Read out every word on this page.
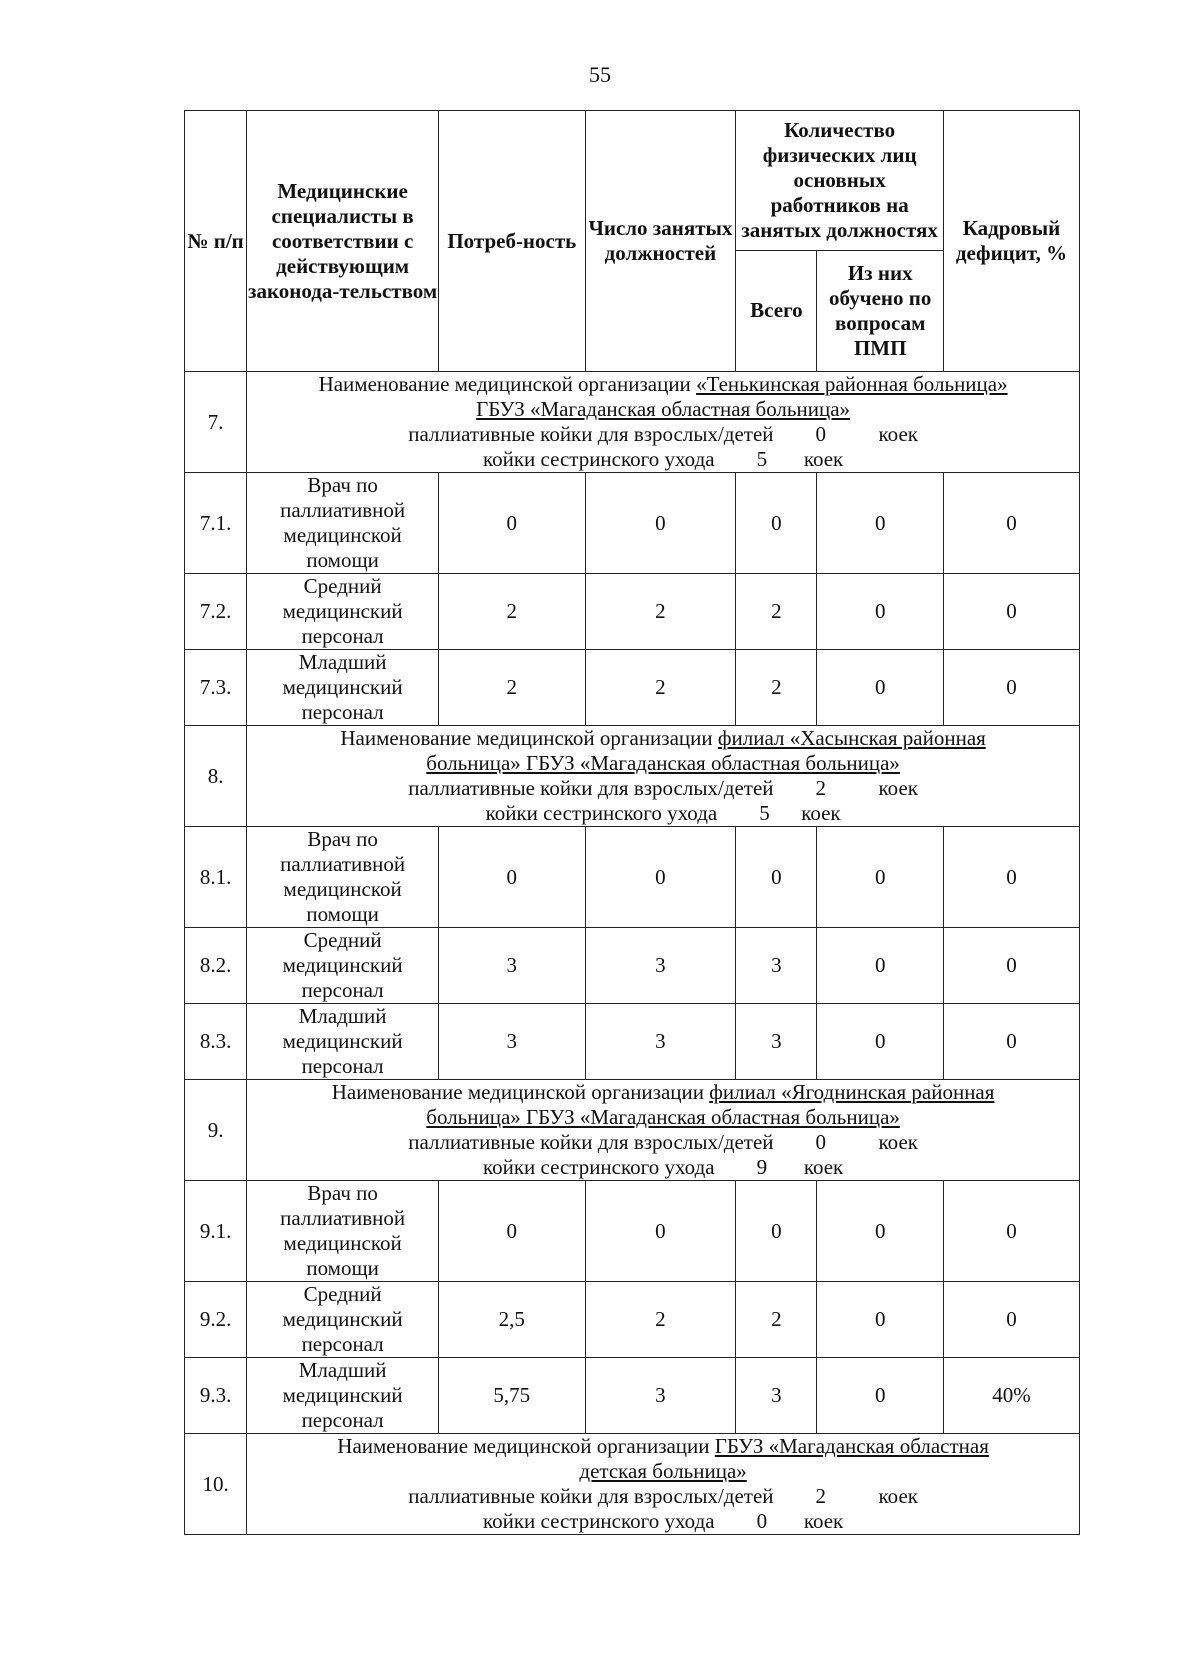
55
№ п/п	Медицинские специалисты в соответствии с действующим законода-тельством	Потреб-ность	Число занятых должностей	Количество физических лиц основных работников на занятых должностях		Кадровый дефицит, %
				Всего	Из них обучено по вопросам ПМП	
7.	Наименование медицинской организации «Тенькинская районная больница»
ГБУЗ «Магаданская областная больница»
паллиативные койки для взрослых/детей        0          коек
койки сестринского ухода        5       коек					

7.1.	Врач по паллиативной медицинской помощи	0	0	0	0	0
7.2.	Средний медицинский персонал	2	2	2	0	0
7.3.	Младший медицинский персонал	2	2	2	0	0
8.	Наименование медицинской организации филиал «Хасынская районная
больница» ГБУЗ «Магаданская областная больница»
паллиативные койки для взрослых/детей        2          коек
койки сестринского ухода        5      коек					

8.1.	Врач по паллиативной медицинской помощи	0	0	0	0	0
8.2.	Средний медицинский персонал	3	3	3	0	0
8.3.	Младший медицинский персонал	3	3	3	0	0
9.	Наименование медицинской организации филиал «Ягоднинская районная
больница» ГБУЗ «Магаданская областная больница»
паллиативные койки для взрослых/детей        0          коек
койки сестринского ухода        9       коек					

9.1.	Врач по паллиативной медицинской помощи	0	0	0	0	0
9.2.	Средний медицинский персонал	2,5	2	2	0	0
9.3.	Младший медицинский персонал	5,75	3	3	0	40%
10.	Наименование медицинской организации ГБУЗ «Магаданская областная
детская больница»
паллиативные койки для взрослых/детей        2          коек
койки сестринского ухода        0       коек					
